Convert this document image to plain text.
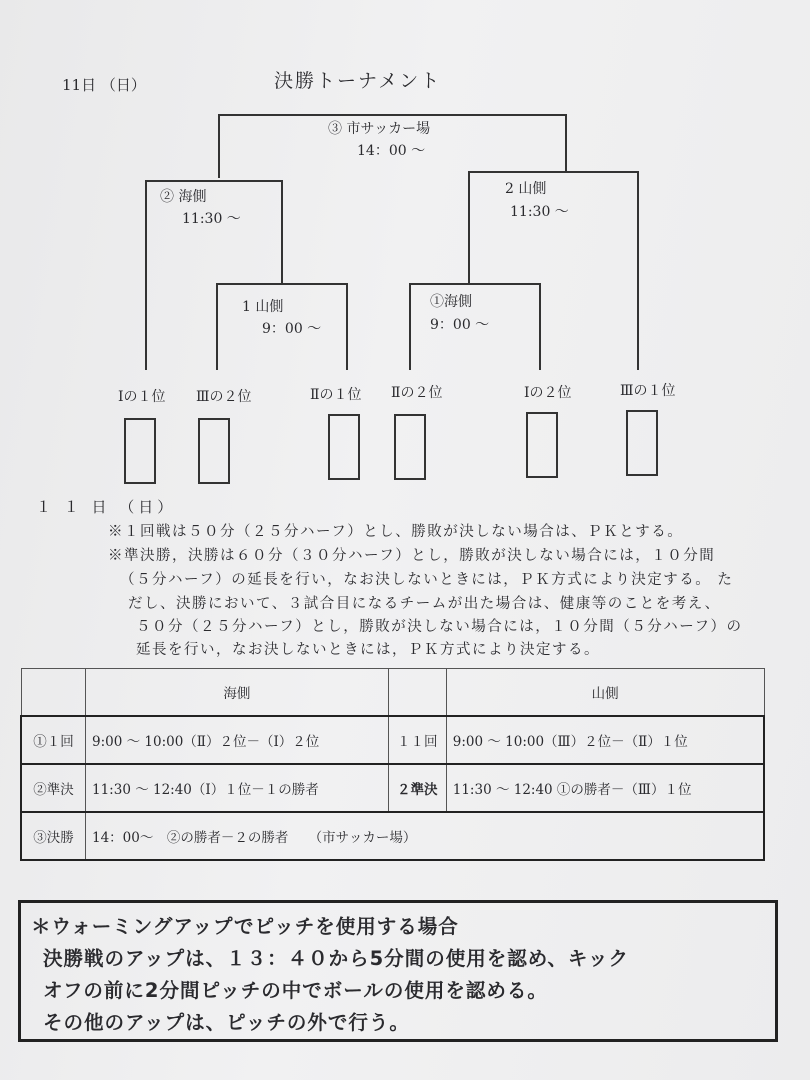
11日 （日）	決勝トーナメント
③ 市サッカー場
14：00 〜
② 海側
11:30 〜
2 山側
11:30 〜
1 山側
9：00 〜
①海側
9：00 〜
Ⅰの１位 Ⅲの２位	Ⅱの１位 Ⅱの２位	Ⅰの２位	Ⅲの１位
１ １ 日 （日）
※１回戦は５０分（２５分ハーフ）とし、勝敗が決しない場合は、ＰＫとする。
※準決勝，決勝は６０分（３０分ハーフ）とし，勝敗が決しない場合には，１０分間
（５分ハーフ）の延長を行い，なお決しないときには，ＰＫ方式により決定する。 た
だし、決勝において、３試合目になるチームが出た場合は、健康等のことを考え、
５０分（２５分ハーフ）とし，勝敗が決しない場合には，１０分間（５分ハーフ）の
延長を行い，なお決しないときには，ＰＫ方式により決定する。
	海側		山側
①１回	9:00 〜 10:00（Ⅱ）２位－（Ⅰ）２位	１１回	9:00 〜 10:00（Ⅲ）２位－（Ⅱ）１位
②準決	11:30 〜 12:40（Ⅰ）１位－１の勝者	２準決	11:30 〜 12:40 ①の勝者－（Ⅲ）１位
③決勝	14：00〜　②の勝者－２の勝者　　（市サッカー場）		
＊ウォーミングアップでピッチを使用する場合
決勝戦のアップは、１３：４０から5分間の使用を認め、キック
オフの前に2分間ピッチの中でボールの使用を認める。
その他のアップは、ピッチの外で行う。
